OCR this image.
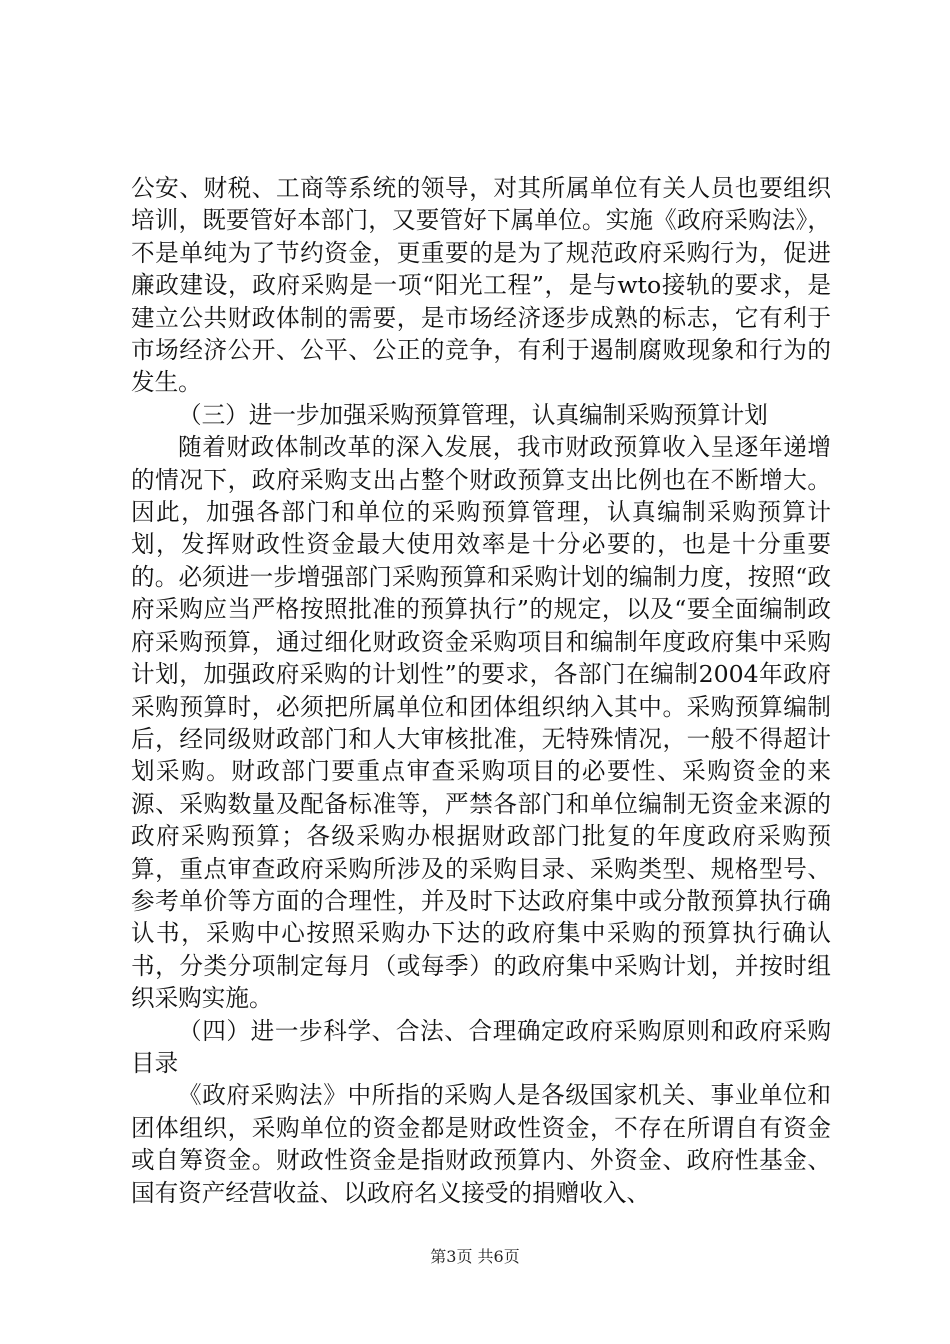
公安、财税、工商等系统的领导，对其所属单位有关人员也要组织培训，既要管好本部门，又要管好下属单位。实施《政府采购法》，不是单纯为了节约资金，更重要的是为了规范政府采购行为，促进廉政建设，政府采购是一项“阳光工程”，是与wto接轨的要求，是建立公共财政体制的需要，是市场经济逐步成熟的标志，它有利于市场经济公开、公平、公正的竞争，有利于遏制腐败现象和行为的发生。

（三）进一步加强采购预算管理，认真编制采购预算计划

随着财政体制改革的深入发展，我市财政预算收入呈逐年递增的情况下，政府采购支出占整个财政预算支出比例也在不断增大。因此，加强各部门和单位的采购预算管理，认真编制采购预算计划，发挥财政性资金最大使用效率是十分必要的，也是十分重要的。必须进一步增强部门采购预算和采购计划的编制力度，按照“政府采购应当严格按照批准的预算执行”的规定，以及“要全面编制政府采购预算，通过细化财政资金采购项目和编制年度政府集中采购计划，加强政府采购的计划性”的要求，各部门在编制2004年政府采购预算时，必须把所属单位和团体组织纳入其中。采购预算编制后，经同级财政部门和人大审核批准，无特殊情况，一般不得超计划采购。财政部门要重点审查采购项目的必要性、采购资金的来源、采购数量及配备标准等，严禁各部门和单位编制无资金来源的政府采购预算；各级采购办根据财政部门批复的年度政府采购预算，重点审查政府采购所涉及的采购目录、采购类型、规格型号、参考单价等方面的合理性，并及时下达政府集中或分散预算执行确认书，采购中心按照采购办下达的政府集中采购的预算执行确认书，分类分项制定每月（或每季）的政府集中采购计划，并按时组织采购实施。

（四）进一步科学、合法、合理确定政府采购原则和政府采购目录

《政府采购法》中所指的采购人是各级国家机关、事业单位和团体组织，采购单位的资金都是财政性资金，不存在所谓自有资金或自筹资金。财政性资金是指财政预算内、外资金、政府性基金、国有资产经营收益、以政府名义接受的捐赠收入、

第3页 共6页
